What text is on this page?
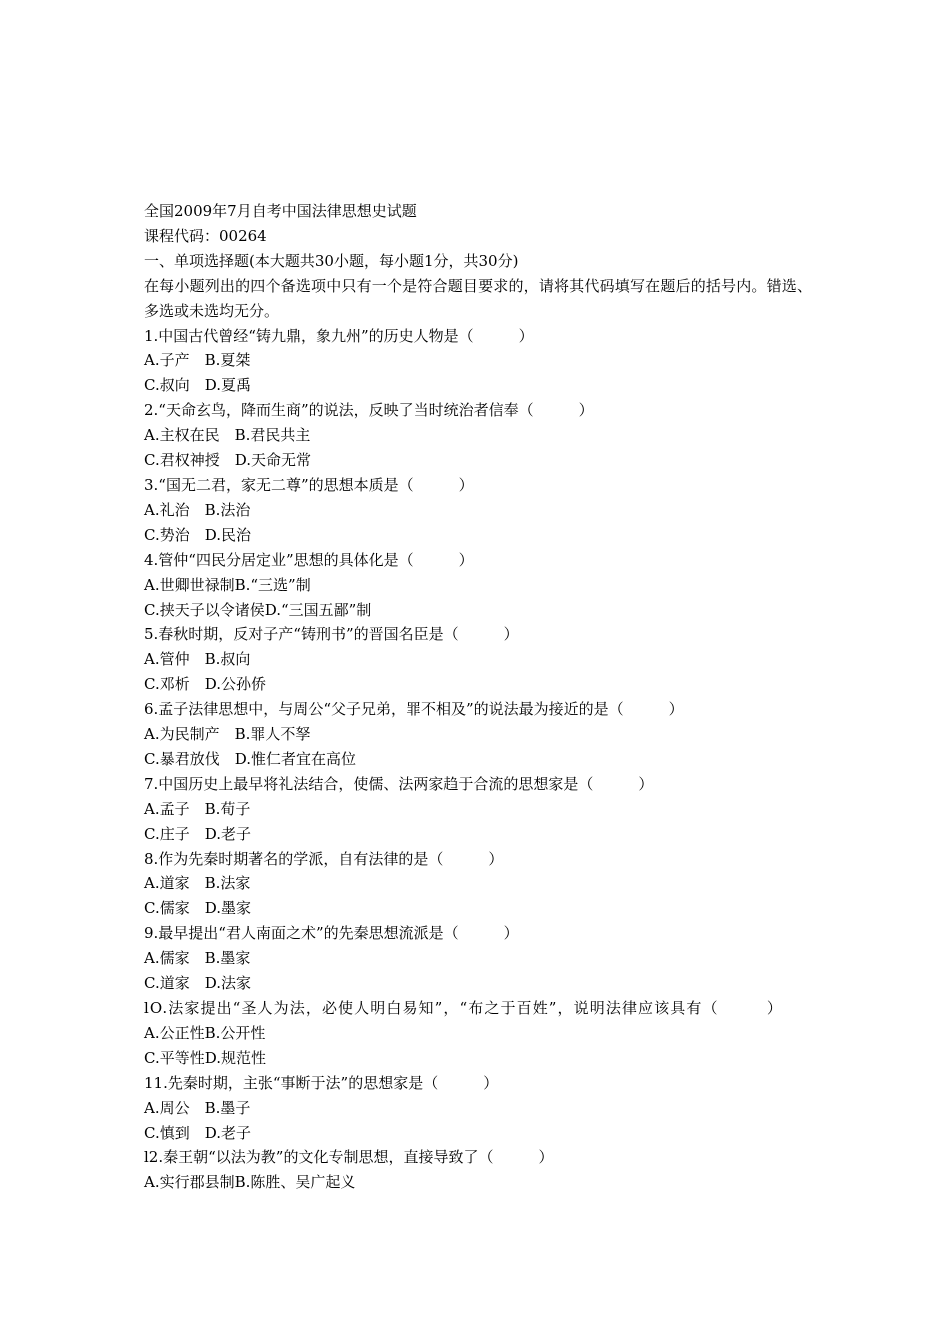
全国2009年7月自考中国法律思想史试题

课程代码：00264

一、单项选择题(本大题共30小题，每小题1分，共30分)

在每小题列出的四个备选项中只有一个是符合题目要求的，请将其代码填写在题后的括号内。错选、多选或未选均无分。

1.中国古代曾经“铸九鼎，象九州”的历史人物是（　　　）

A.子产　B.夏桀

C.叔向　D.夏禹

2.“天命玄鸟，降而生商”的说法，反映了当时统治者信奉（　　　）

A.主权在民　B.君民共主

C.君权神授　D.天命无常

3.“国无二君，家无二尊”的思想本质是（　　　）

A.礼治　B.法治

C.势治　D.民治

4.管仲“四民分居定业”思想的具体化是（　　　）

A.世卿世禄制B.“三选”制

C.挟天子以令诸侯D.“三国五鄙”制

5.春秋时期，反对子产“铸刑书”的晋国名臣是（　　　）

A.管仲　B.叔向

C.邓析　D.公孙侨

6.孟子法律思想中，与周公“父子兄弟，罪不相及”的说法最为接近的是（　　　）

A.为民制产　B.罪人不孥

C.暴君放伐　D.惟仁者宜在高位

7.中国历史上最早将礼法结合，使儒、法两家趋于合流的思想家是（　　　）

A.孟子　B.荀子

C.庄子　D.老子

8.作为先秦时期著名的学派，自有法律的是（　　　）

A.道家　B.法家

C.儒家　D.墨家

9.最早提出“君人南面之术”的先秦思想流派是（　　　）

A.儒家　B.墨家

C.道家　D.法家

lO.法家提出“圣人为法，必使人明白易知”，“布之于百姓”，说明法律应该具有（　　　）

A.公正性B.公开性

C.平等性D.规范性

11.先秦时期，主张“事断于法”的思想家是（　　　）

A.周公　B.墨子

C.慎到　D.老子

l2.秦王朝“以法为教”的文化专制思想，直接导致了（　　　）

A.实行郡县制B.陈胜、吴广起义
